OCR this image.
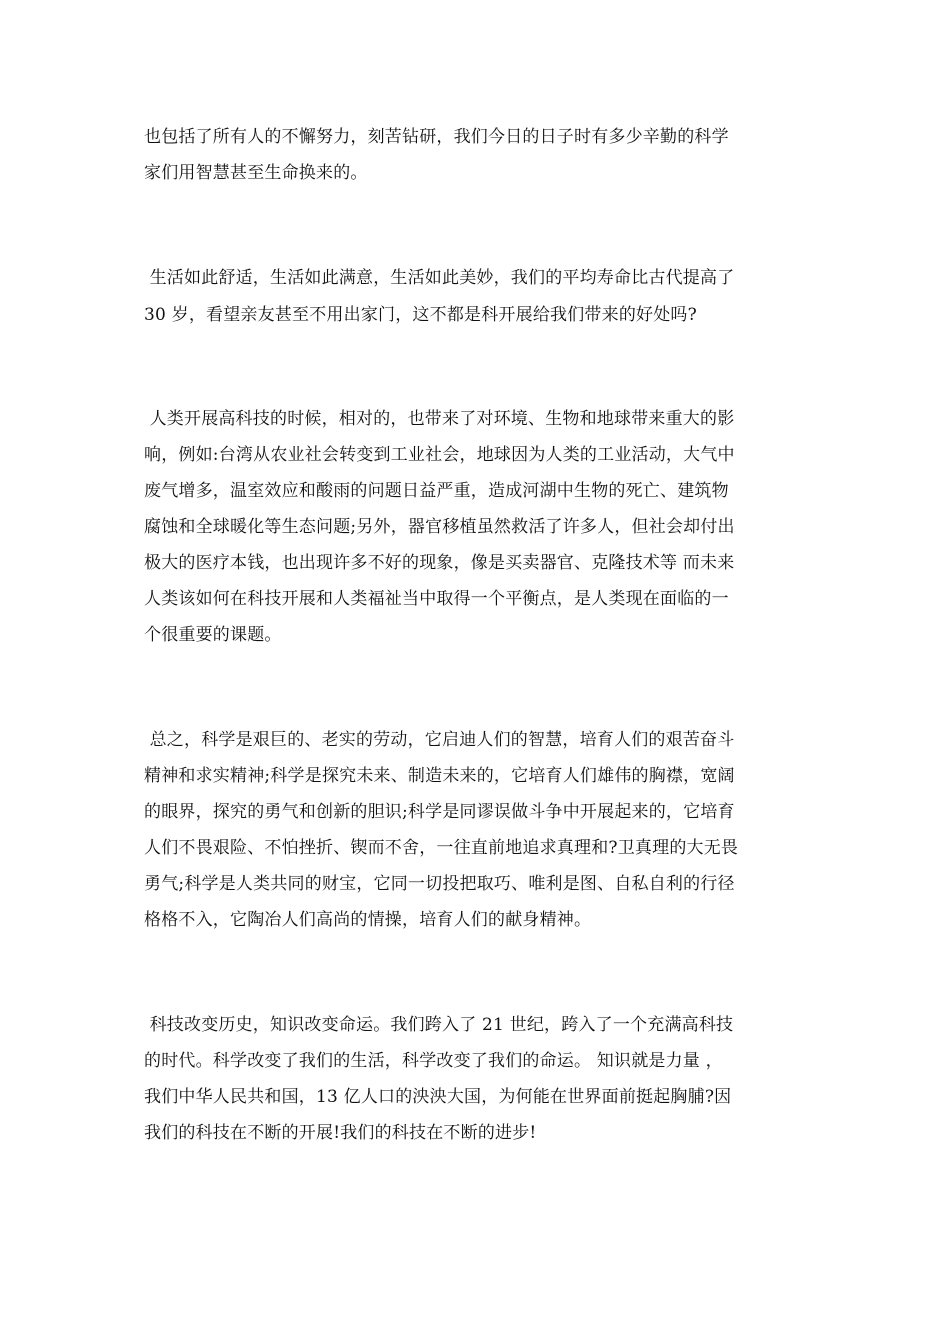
也包括了所有人的不懈努力，刻苦钻研，我们今日的日子时有多少辛勤的科学
家们用智慧甚至生命换来的。
生活如此舒适，生活如此满意，生活如此美妙，我们的平均寿命比古代提高了
30 岁，看望亲友甚至不用出家门，这不都是科开展给我们带来的好处吗?
人类开展高科技的时候，相对的，也带来了对环境、生物和地球带来重大的影
响，例如:台湾从农业社会转变到工业社会，地球因为人类的工业活动，大气中
废气增多，温室效应和酸雨的问题日益严重，造成河湖中生物的死亡、建筑物
腐蚀和全球暖化等生态问题;另外，器官移植虽然救活了许多人，但社会却付出
极大的医疗本钱，也出现许多不好的现象，像是买卖器官、克隆技术等 而未来
人类该如何在科技开展和人类福祉当中取得一个平衡点，是人类现在面临的一
个很重要的课题。
总之，科学是艰巨的、老实的劳动，它启迪人们的智慧，培育人们的艰苦奋斗
精神和求实精神;科学是探究未来、制造未来的，它培育人们雄伟的胸襟，宽阔
的眼界，探究的勇气和创新的胆识;科学是同谬误做斗争中开展起来的，它培育
人们不畏艰险、不怕挫折、锲而不舍，一往直前地追求真理和?卫真理的大无畏
勇气;科学是人类共同的财宝，它同一切投把取巧、唯利是图、自私自利的行径
格格不入，它陶冶人们高尚的情操，培育人们的献身精神。
科技改变历史，知识改变命运。我们跨入了 21 世纪，跨入了一个充满高科技
的时代。科学改变了我们的生活，科学改变了我们的命运。 知识就是力量 ，
我们中华人民共和国，13 亿人口的泱泱大国，为何能在世界面前挺起胸脯?因
我们的科技在不断的开展!我们的科技在不断的进步!
